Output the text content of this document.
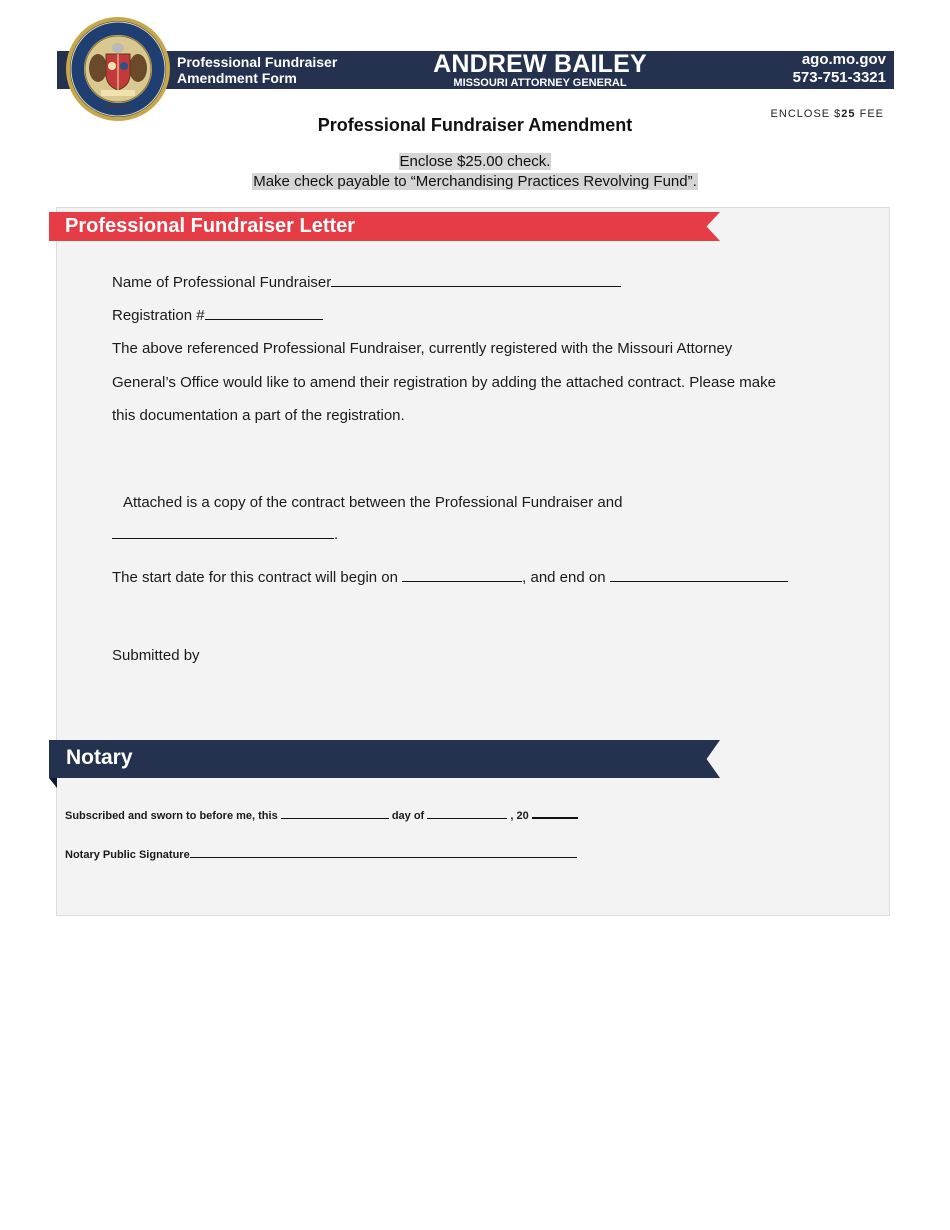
MDCCCXX
Professional Fundraiser
Amendment Form	ANDREW BAILEY
MISSOURI ATTORNEY GENERAL
ago.mo.gov
573-751-3321
ENCLOSE $25 FEE
Professional Fundraiser Amendment
Enclose $25.00 check.
Make check payable to “Merchandising Practices Revolving Fund”.
Professional Fundraiser Letter
Name of Professional Fundraiser
Registration #
The above referenced Professional Fundraiser, currently registered with the Missouri Attorney
General’s Office would like to amend their registration by adding the attached contract. Please make
this documentation a part of the registration.
Attached is a copy of the contract between the Professional Fundraiser and
.
The start date for this contract will begin on	, and end on
Submitted by
Notary
Subscribed and sworn to before me, this	day of	, 20
Notary Public Signature
